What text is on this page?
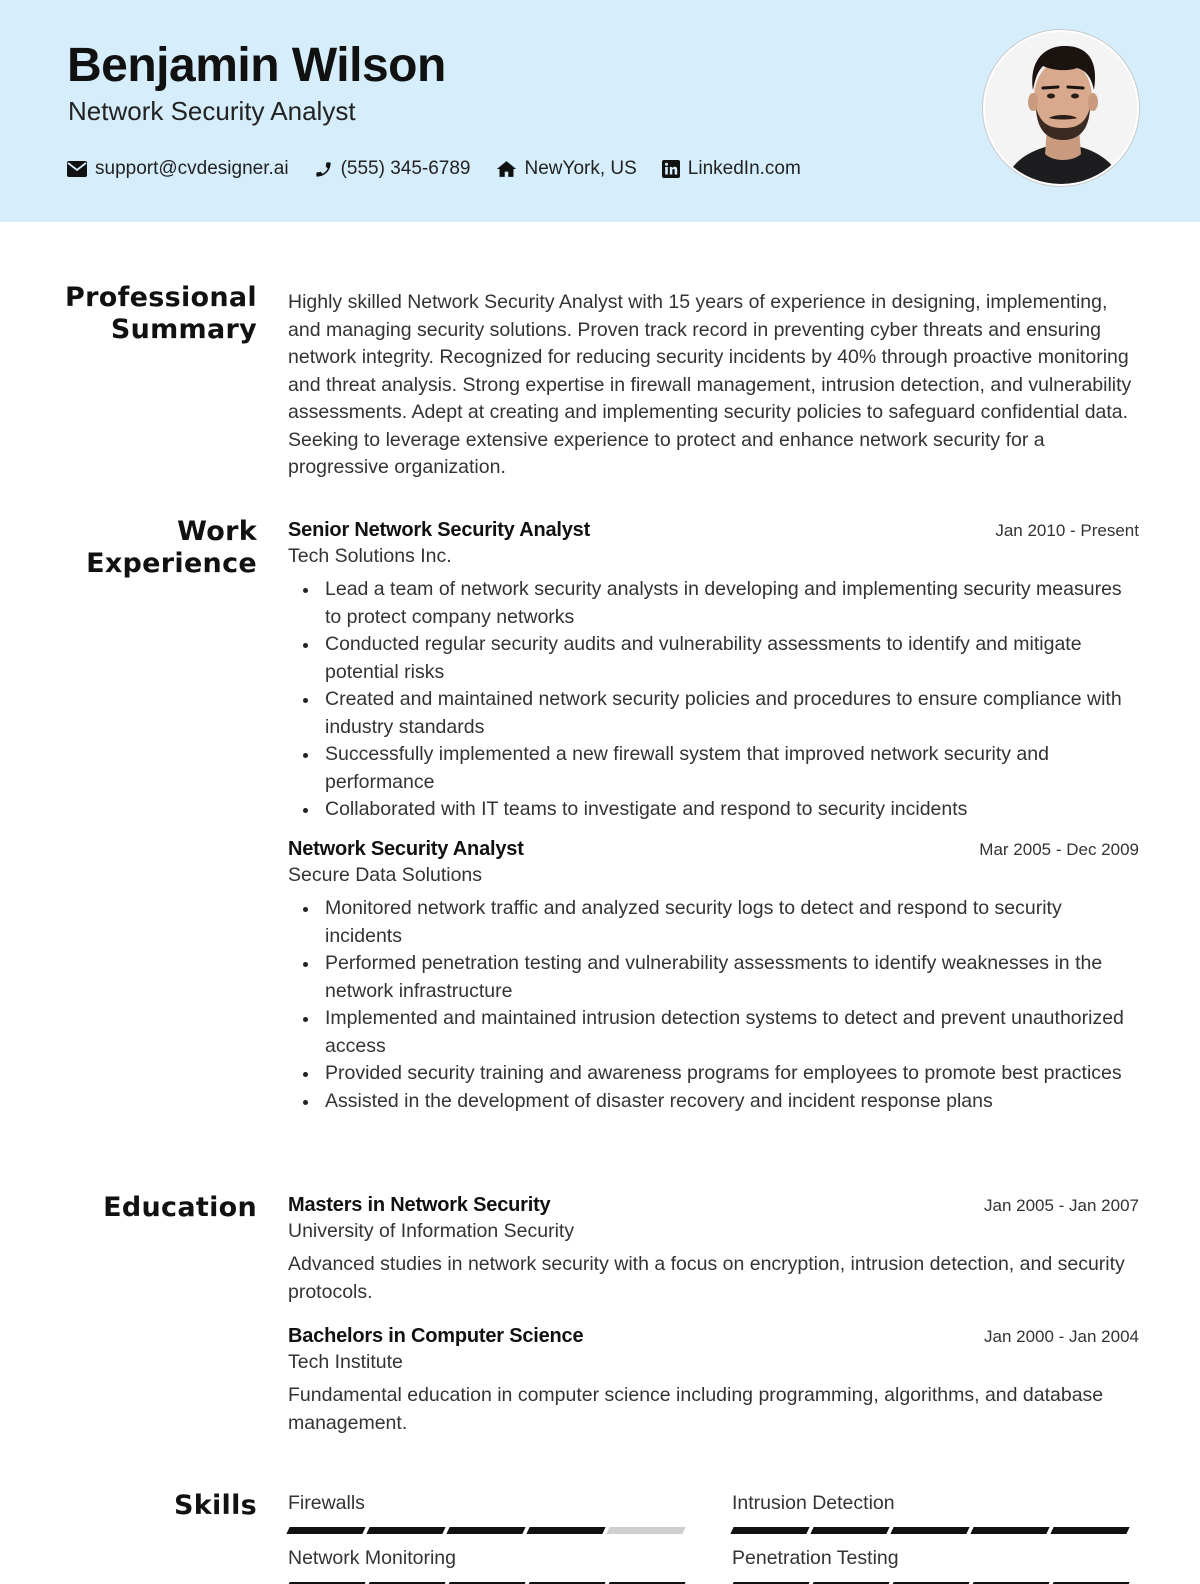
Benjamin Wilson
Network Security Analyst
support@cvdesigner.ai	(555) 345-6789	NewYork, US	LinkedIn.com
Professional
Summary

Highly skilled Network Security Analyst with 15 years of experience in designing, implementing, and managing security solutions. Proven track record in preventing cyber threats and ensuring network integrity. Recognized for reducing security incidents by 40% through proactive monitoring and threat analysis. Strong expertise in firewall management, intrusion detection, and vulnerability assessments. Adept at creating and implementing security policies to safeguard confidential data. Seeking to leverage extensive experience to protect and enhance network security for a progressive organization.

Work
Experience
Senior Network Security Analyst	Jan 2010 - Present
Tech Solutions Inc.
Lead a team of network security analysts in developing and implementing security measures to protect company networks
Conducted regular security audits and vulnerability assessments to identify and mitigate potential risks
Created and maintained network security policies and procedures to ensure compliance with industry standards
Successfully implemented a new firewall system that improved network security and performance
Collaborated with IT teams to investigate and respond to security incidents
Network Security Analyst	Mar 2005 - Dec 2009
Secure Data Solutions
Monitored network traffic and analyzed security logs to detect and respond to security incidents
Performed penetration testing and vulnerability assessments to identify weaknesses in the network infrastructure
Implemented and maintained intrusion detection systems to detect and prevent unauthorized access
Provided security training and awareness programs for employees to promote best practices
Assisted in the development of disaster recovery and incident response plans
Education Masters in Network Security	Jan 2005 - Jan 2007
University of Information Security

Advanced studies in network security with a focus on encryption, intrusion detection, and security protocols.

Bachelors in Computer Science	Jan 2000 - Jan 2004
Tech Institute

Fundamental education in computer science including programming, algorithms, and database management.

Skills Firewalls	Intrusion Detection
Network Monitoring	Penetration Testing
